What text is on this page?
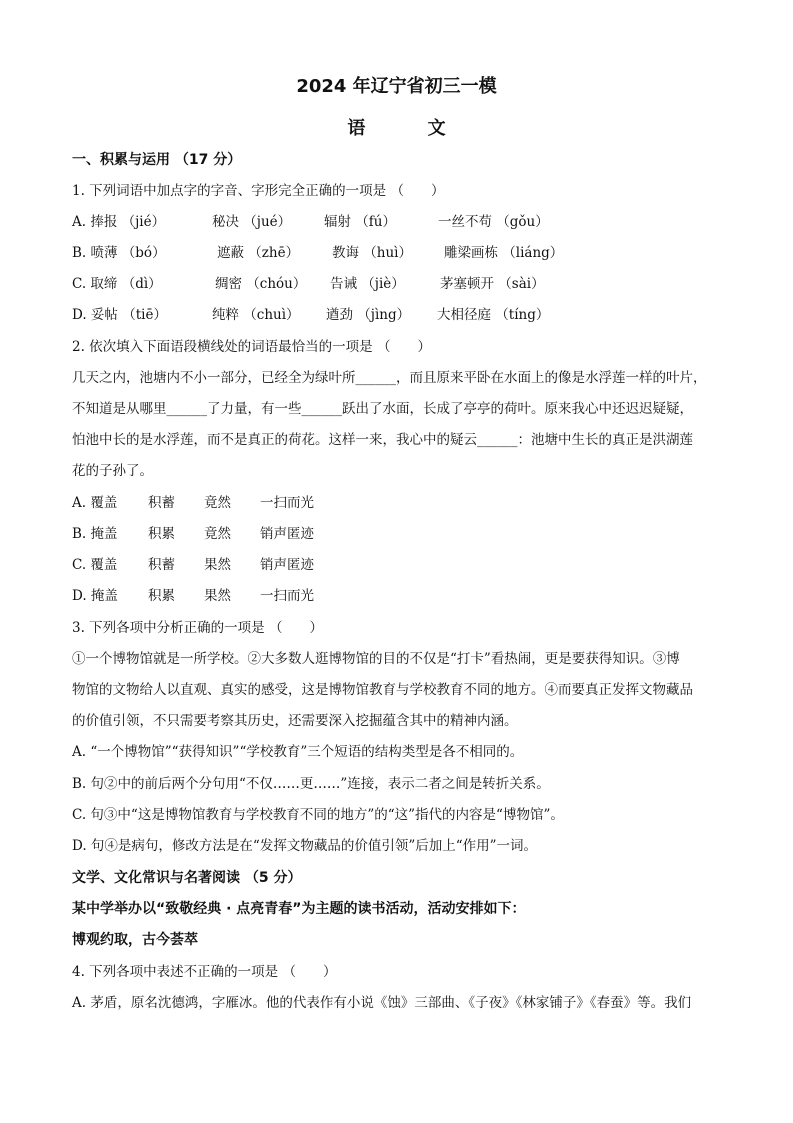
2024 年辽宁省初三一模
语 文
一、积累与运用 （17 分）
1. 下列词语中加点字的字音、字形完全正确的一项是 （　　）
A. 捧报 （jié）	秘决 （jué） 辐射 （fú）	一丝不苟 （gǒu）
B. 喷薄 （bó）	遮蔽 （zhē） 教诲 （huì） 雕梁画栋 （liáng）
C. 取缔 （dì）	绸密 （chóu） 告诫 （jiè）	茅塞顿开 （sài）
D. 妥帖 （tiē）	纯粹 （chuì） 遒劲 （jìng） 大相径庭 （tíng）
2. 依次填入下面语段横线处的词语最恰当的一项是 （　　）
几天之内，池塘内不小一部分，已经全为绿叶所______，而且原来平卧在水面上的像是水浮莲一样的叶片，
不知道是从哪里______了力量，有一些______跃出了水面，长成了亭亭的荷叶。原来我心中还迟迟疑疑，
怕池中长的是水浮莲，而不是真正的荷花。这样一来，我心中的疑云______：池塘中生长的真正是洪湖莲
花的子孙了。
A. 覆盖 积蓄 竟然 一扫而光
B. 掩盖 积累 竟然 销声匿迹
C. 覆盖 积蓄 果然 销声匿迹
D. 掩盖 积累 果然 一扫而光
3. 下列各项中分析正确的一项是 （　　）
①一个博物馆就是一所学校。②大多数人逛博物馆的目的不仅是“打卡”看热闹，更是要获得知识。③博
物馆的文物给人以直观、真实的感受，这是博物馆教育与学校教育不同的地方。④而要真正发挥文物藏品
的价值引领，不只需要考察其历史，还需要深入挖掘蕴含其中的精神内涵。
A. “一个博物馆”“获得知识”“学校教育”三个短语的结构类型是各不相同的。
B. 句②中的前后两个分句用“不仅……更……”连接，表示二者之间是转折关系。
C. 句③中“这是博物馆教育与学校教育不同的地方”的“这”指代的内容是“博物馆”。
D. 句④是病句，修改方法是在“发挥文物藏品的价值引领”后加上“作用”一词。
文学、文化常识与名著阅读 （5 分）
某中学举办以“致敬经典 · 点亮青春”为主题的读书活动，活动安排如下：
博观约取，古今荟萃
4. 下列各项中表述不正确的一项是 （　　）
A. 茅盾，原名沈德鸿，字雁冰。他的代表作有小说《蚀》三部曲、《子夜》《林家铺子》《春蚕》等。我们
